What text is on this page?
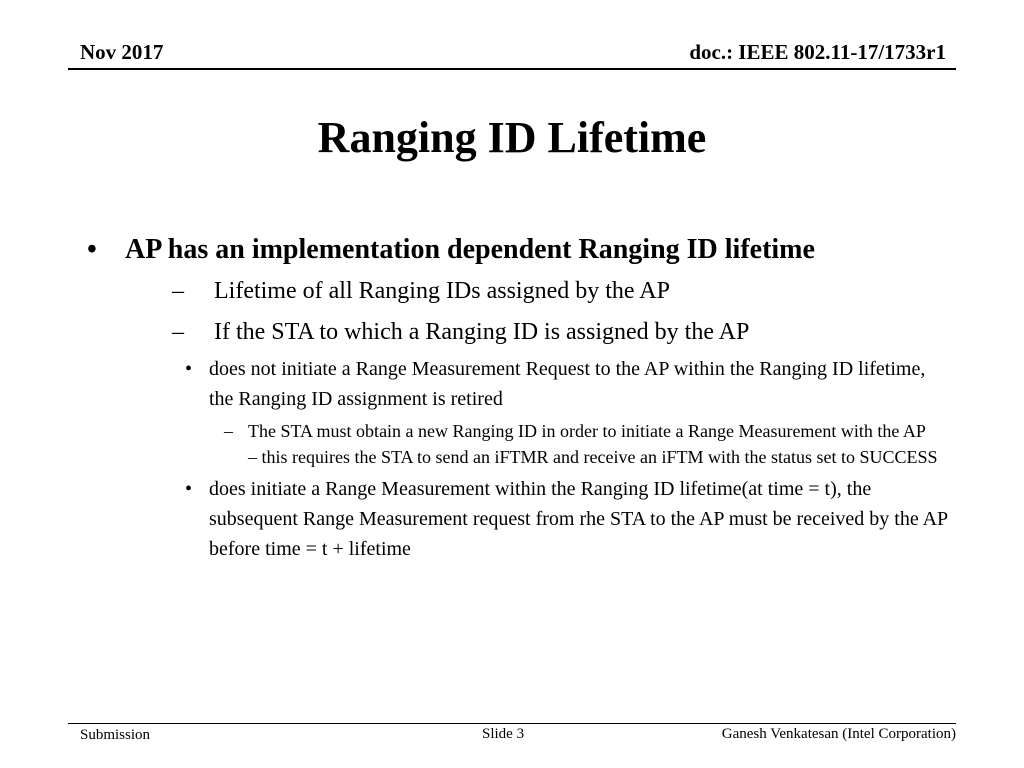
Nov 2017	doc.: IEEE 802.11-17/1733r1
Ranging ID Lifetime
• AP has an implementation dependent Ranging ID lifetime
– Lifetime of all Ranging IDs assigned by the AP
– If the STA to which a Ranging ID is assigned by the AP
• does not initiate a Range Measurement Request to the AP within the Ranging ID lifetime, the Ranging ID assignment is retired
– The STA must obtain a new Ranging ID in order to initiate a Range Measurement with the AP – this requires the STA to send an iFTMR and receive an iFTM with the status set to SUCCESS
• does initiate a Range Measurement within the Ranging ID lifetime(at time = t), the subsequent Range Measurement request from rhe STA to the AP must be received by the AP before time = t + lifetime
Submission	Slide 3	Ganesh Venkatesan (Intel Corporation)
